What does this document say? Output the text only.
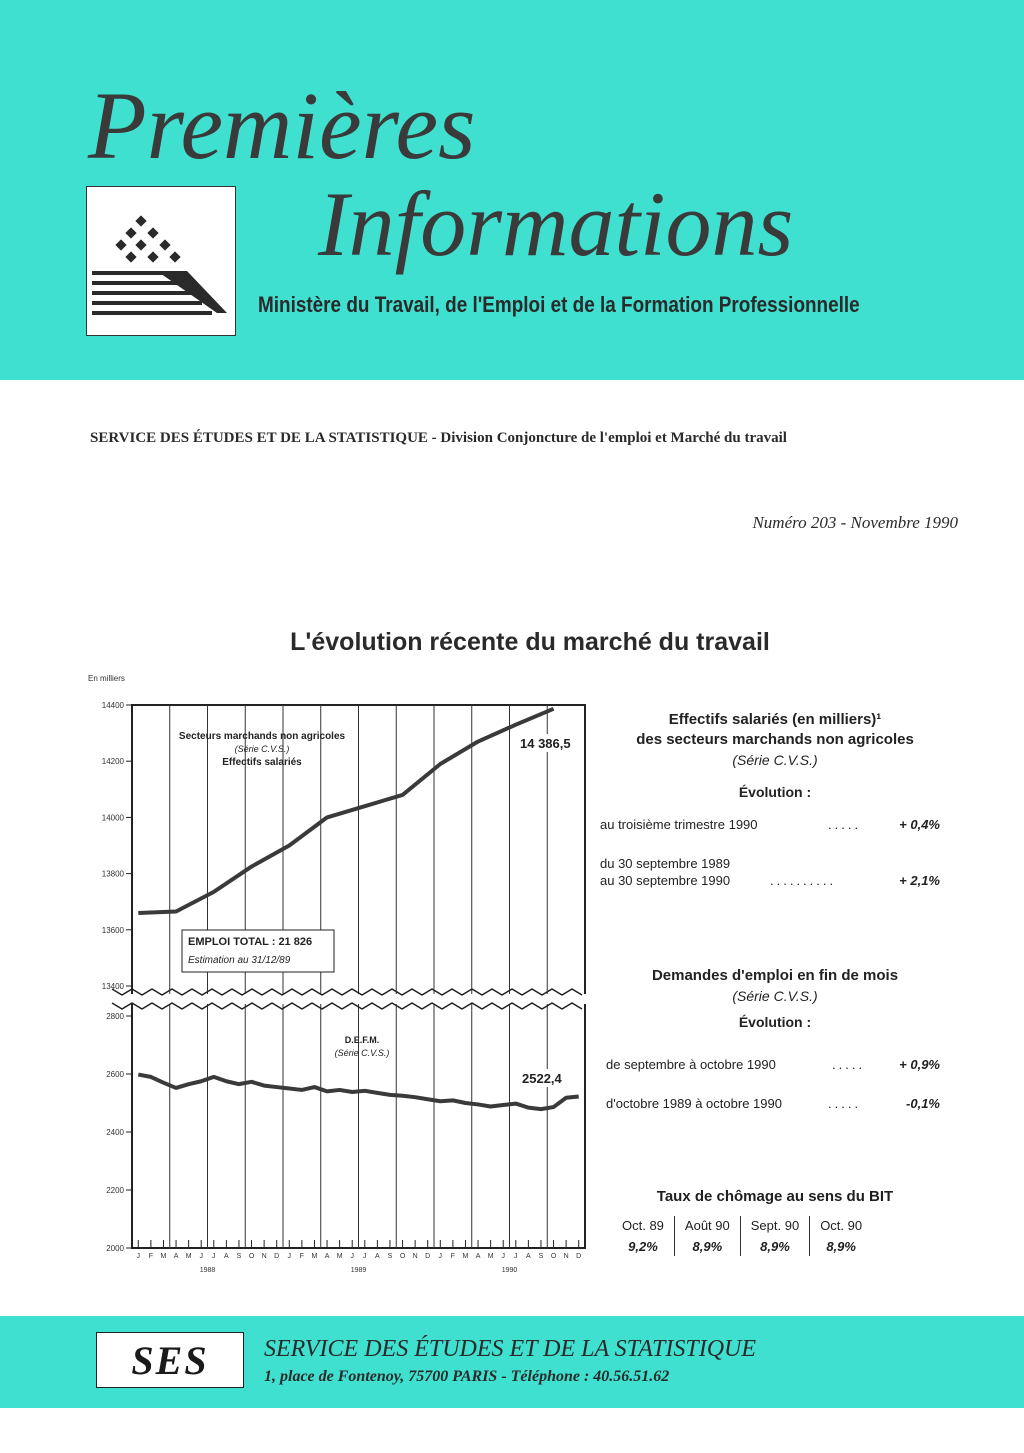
Premières
Informations
Ministère du Travail, de l'Emploi et de la Formation Professionnelle
SERVICE DES ÉTUDES ET DE LA STATISTIQUE - Division Conjoncture de l'emploi et Marché du travail
Numéro 203 - Novembre 1990
L'évolution récente du marché du travail
14400
14200
14000
13800
13600
13400
2800
2600
2400
2200
2000
En milliers
J F M A M J J A S O N D J F M A M J J A S O N D J F M A M J J A S O N D
1988	1989	1990
Secteurs marchands non agricoles
(Série C.V.S.)
Effectifs salariés
14 386,5
D.E.F.M.
(Série C.V.S.)
2522,4
EMPLOI TOTAL : 21 826
Estimation au 31/12/89
Effectifs salariés (en milliers)¹
des secteurs marchands non agricoles
(Série C.V.S.)
Évolution :
au troisième trimestre 1990	.....	+ 0,4%
du 30 septembre 1989
au 30 septembre 1990	..........	+ 2,1%
Demandes d'emploi en fin de mois
(Série C.V.S.)
Évolution :
de septembre à octobre 1990	.....	+ 0,9%
d'octobre 1989 à octobre 1990	.....	-0,1%
Taux de chômage au sens du BIT
Oct. 89	Août 90	Sept. 90	Oct. 90
9,2%	8,9%	8,9%	8,9%
SES SERVICE DES ÉTUDES ET DE LA STATISTIQUE
1, place de Fontenoy, 75700 PARIS - Téléphone : 40.56.51.62
